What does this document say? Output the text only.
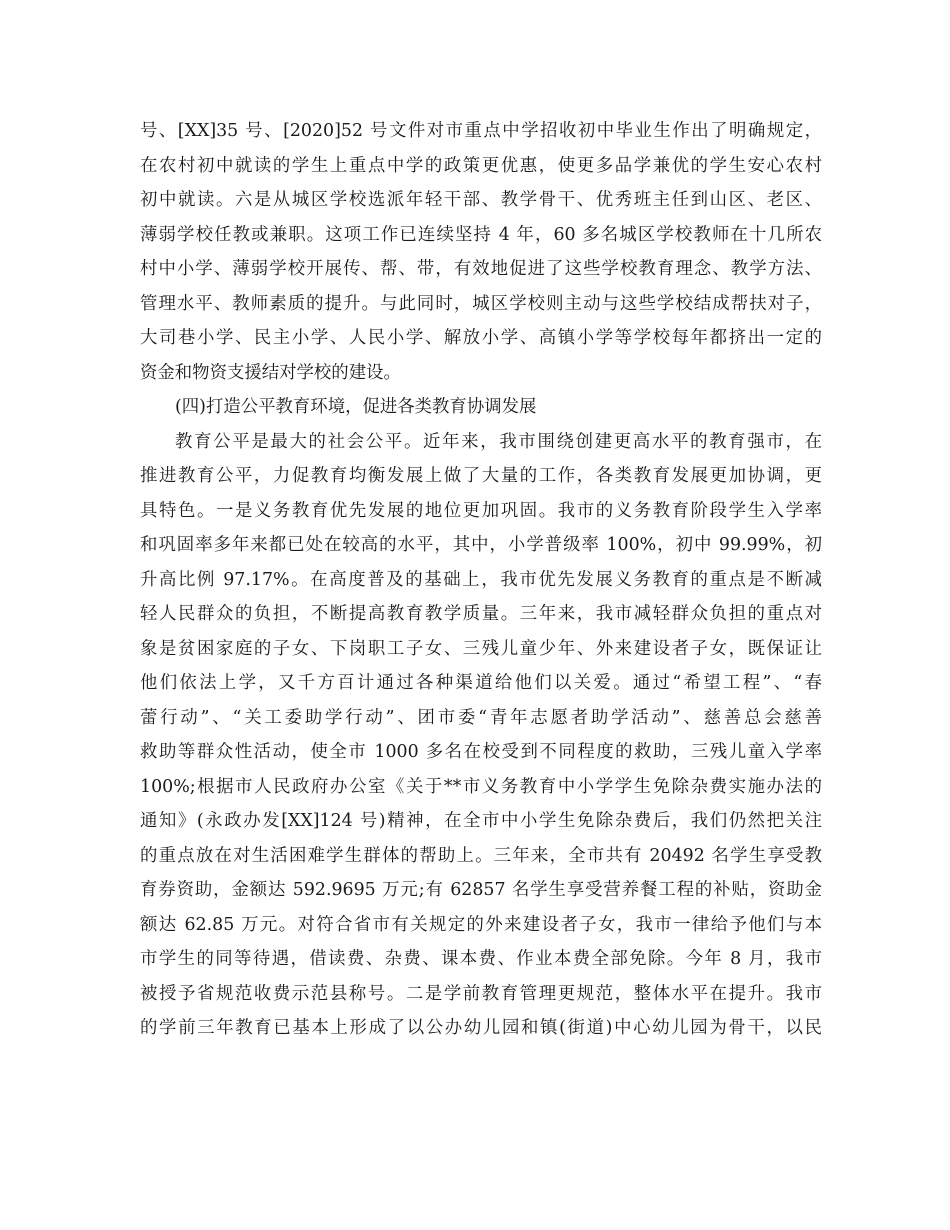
号、[XX]35 号、[2020]52 号文件对市重点中学招收初中毕业生作出了明确规定，
在农村初中就读的学生上重点中学的政策更优惠，使更多品学兼优的学生安心农村
初中就读。六是从城区学校选派年轻干部、教学骨干、优秀班主任到山区、老区、
薄弱学校任教或兼职。这项工作已连续坚持 4 年，60 多名城区学校教师在十几所农
村中小学、薄弱学校开展传、帮、带，有效地促进了这些学校教育理念、教学方法、
管理水平、教师素质的提升。与此同时，城区学校则主动与这些学校结成帮扶对子，
大司巷小学、民主小学、人民小学、解放小学、高镇小学等学校每年都挤出一定的
资金和物资支援结对学校的建设。
(四)打造公平教育环境，促进各类教育协调发展
教育公平是最大的社会公平。近年来，我市围绕创建更高水平的教育强市，在
推进教育公平，力促教育均衡发展上做了大量的工作，各类教育发展更加协调，更
具特色。一是义务教育优先发展的地位更加巩固。我市的义务教育阶段学生入学率
和巩固率多年来都已处在较高的水平，其中，小学普级率 100%，初中 99.99%，初
升高比例 97.17%。在高度普及的基础上，我市优先发展义务教育的重点是不断减
轻人民群众的负担，不断提高教育教学质量。三年来，我市减轻群众负担的重点对
象是贫困家庭的子女、下岗职工子女、三残儿童少年、外来建设者子女，既保证让
他们依法上学，又千方百计通过各种渠道给他们以关爱。通过“希望工程”、“春
蕾行动”、“关工委助学行动”、团市委“青年志愿者助学活动”、慈善总会慈善
救助等群众性活动，使全市 1000 多名在校受到不同程度的救助，三残儿童入学率
100%;根据市人民政府办公室《关于**市义务教育中小学学生免除杂费实施办法的
通知》(永政办发[XX]124 号)精神，在全市中小学生免除杂费后，我们仍然把关注
的重点放在对生活困难学生群体的帮助上。三年来，全市共有 20492 名学生享受教
育券资助，金额达 592.9695 万元;有 62857 名学生享受营养餐工程的补贴，资助金
额达 62.85 万元。对符合省市有关规定的外来建设者子女，我市一律给予他们与本
市学生的同等待遇，借读费、杂费、课本费、作业本费全部免除。今年 8 月，我市
被授予省规范收费示范县称号。二是学前教育管理更规范，整体水平在提升。我市
的学前三年教育已基本上形成了以公办幼儿园和镇(街道)中心幼儿园为骨干，以民
